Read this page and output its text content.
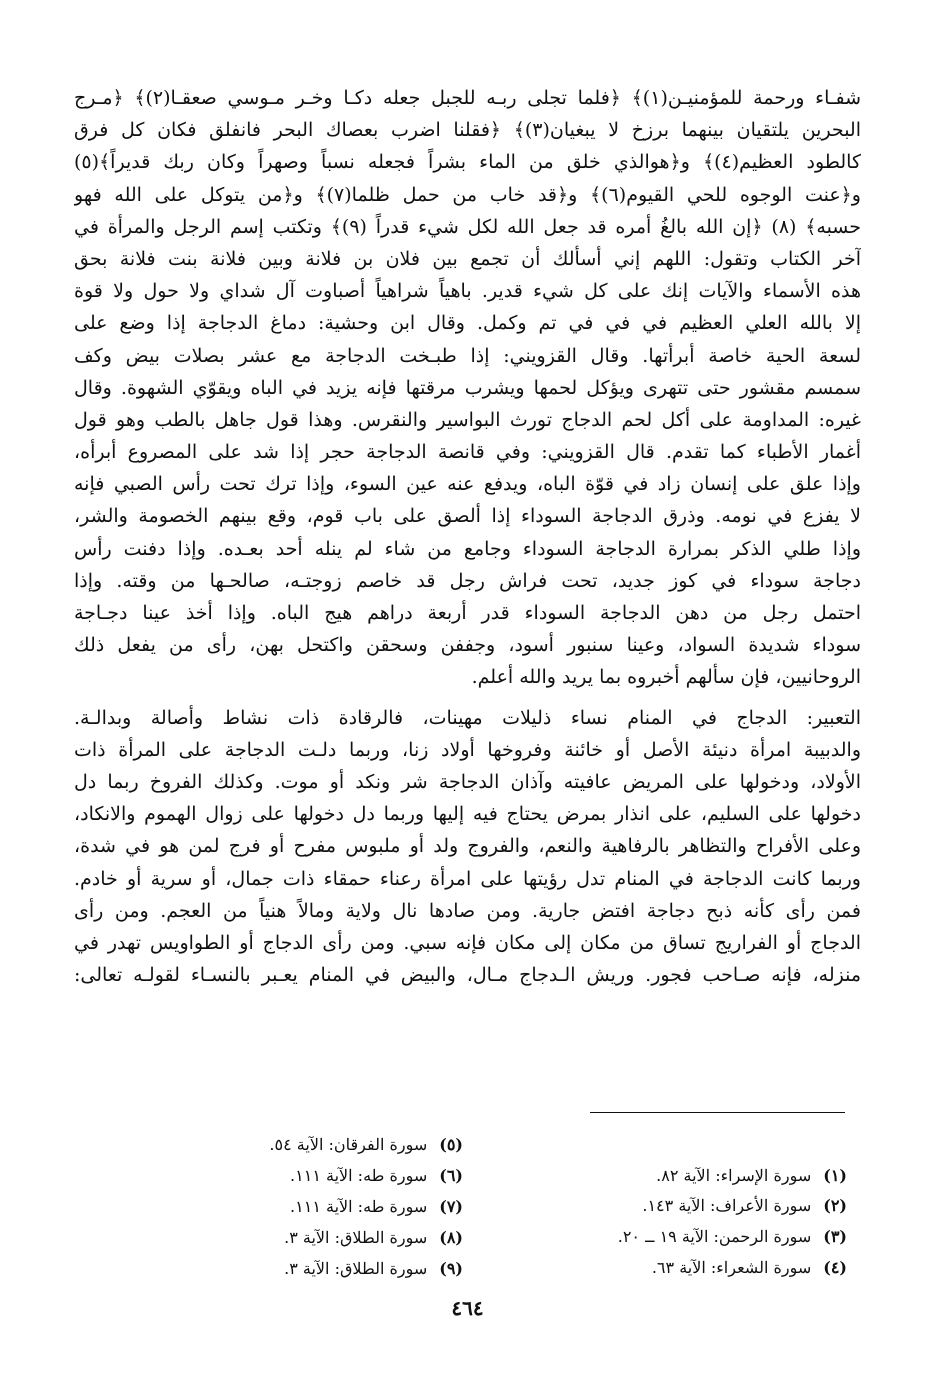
شفـاء ورحمة للمؤمنيـن(١)﴾ ﴿فلما تجلى ربـه للجبل جعله دكـا وخـر مـوسي صعقـا(٢)﴾ ﴿مـرج
البحرين يلتقيان بينهما برزخ لا يبغيان(٣)﴾ ﴿فقلنا اضرب بعصاك البحر فانفلق فكان كل فرق
كالطود العظيم(٤)﴾ و﴿هوالذي خلق من الماء بشراً فجعله نسباً وصهراً وكان ربك قديراً﴾(٥)
و﴿عنت الوجوه للحي القيوم(٦)﴾ و﴿قد خاب من حمل ظلما(٧)﴾ و﴿من يتوكل على الله فهو
حسبه﴾ (٨) ﴿إن الله بالغُ أمره قد جعل الله لكل شيء قدراً (٩)﴾ وتكتب إسم الرجل والمرأة في
آخر الكتاب وتقول: اللهم إني أسألك أن تجمع بين فلان بن فلانة وبين فلانة بنت فلانة بحق
هذه الأسماء والآيات إنك على كل شيء قدير. باهياً شراهياً أصباوت آل شداي ولا حول ولا قوة
إلا بالله العلي العظيم في في في تم وكمل. وقال ابن وحشية: دماغ الدجاجة إذا وضع على
لسعة الحية خاصة أبرأتها. وقال القزويني: إذا طبـخت الدجاجة مع عشر بصلات بيض وكف
سمسم مقشور حتى تتهرى ويؤكل لحمها ويشرب مرقتها فإنه يزيد في الباه ويقوّي الشهوة. وقال
غيره: المداومة على أكل لحم الدجاج تورث البواسير والنقرس. وهذا قول جاهل بالطب وهو قول
أغمار الأطباء كما تقدم. قال القزويني: وفي قانصة الدجاجة حجر إذا شد على المصروع أبرأه،
وإذا علق على إنسان زاد في قوّة الباه، ويدفع عنه عين السوء، وإذا ترك تحت رأس الصبي فإنه
لا يفزع في نومه. وذرق الدجاجة السوداء إذا ألصق على باب قوم، وقع بينهم الخصومة والشر،
وإذا طلي الذكر بمرارة الدجاجة السوداء وجامع من شاء لم ينله أحد بعـده. وإذا دفنت رأس
دجاجة سوداء في كوز جديد، تحت فراش رجل قد خاصم زوجتـه، صالحـها من وقته. وإذا
احتمل رجل من دهن الدجاجة السوداء قدر أربعة دراهم هيج الباه. وإذا أخذ عينا دجـاجة
سوداء شديدة السواد، وعينا سنبور أسود، وجففن وسحقن واكتحل بهن، رأى من يفعل ذلك
الروحانيين، فإن سألهم أخبروه بما يريد والله أعلم.
التعبير: الدجاج في المنام نساء ذليلات مهينات، فالرقادة ذات نشاط وأصالة وبدالـة.
والدبيبة امرأة دنيئة الأصل أو خائنة وفروخها أولاد زنا، وربما دلـت الدجاجة على المرأة ذات
الأولاد، ودخولها على المريض عافيته وآذان الدجاجة شر ونكد أو موت. وكذلك الفروخ ربما دل
دخولها على السليم، على انذار بمرض يحتاج فيه إليها وربما دل دخولها على زوال الهموم والانكاد،
وعلى الأفراح والتظاهر بالرفاهية والنعم، والفروج ولد أو ملبوس مفرح أو فرج لمن هو في شدة،
وربما كانت الدجاجة في المنام تدل رؤيتها على امرأة رعناء حمقاء ذات جمال، أو سرية أو خادم.
فمن رأى كأنه ذبح دجاجة افتض جارية. ومن صادها نال ولاية ومالاً هنياً من العجم. ومن رأى
الدجاج أو الفراريج تساق من مكان إلى مكان فإنه سبي. ومن رأى الدجاج أو الطواويس تهدر في
منزله، فإنه صـاحب فجور. وريش الـدجاج مـال، والبيض في المنام يعـبر بالنسـاء لقولـه تعالى:
(١)سورة الإسراء: الآية ٨٢.
(٢)سورة الأعراف: الآية ١٤٣.
(٣)سورة الرحمن: الآية ١٩ ــ ٢٠.
(٤)سورة الشعراء: الآية ٦٣.
(٥)سورة الفرقان: الآية ٥٤.
(٦)سورة طه: الآية ١١١.
(٧)سورة طه: الآية ١١١.
(٨)سورة الطلاق: الآية ٣.
(٩)سورة الطلاق: الآية ٣.
٤٦٤
